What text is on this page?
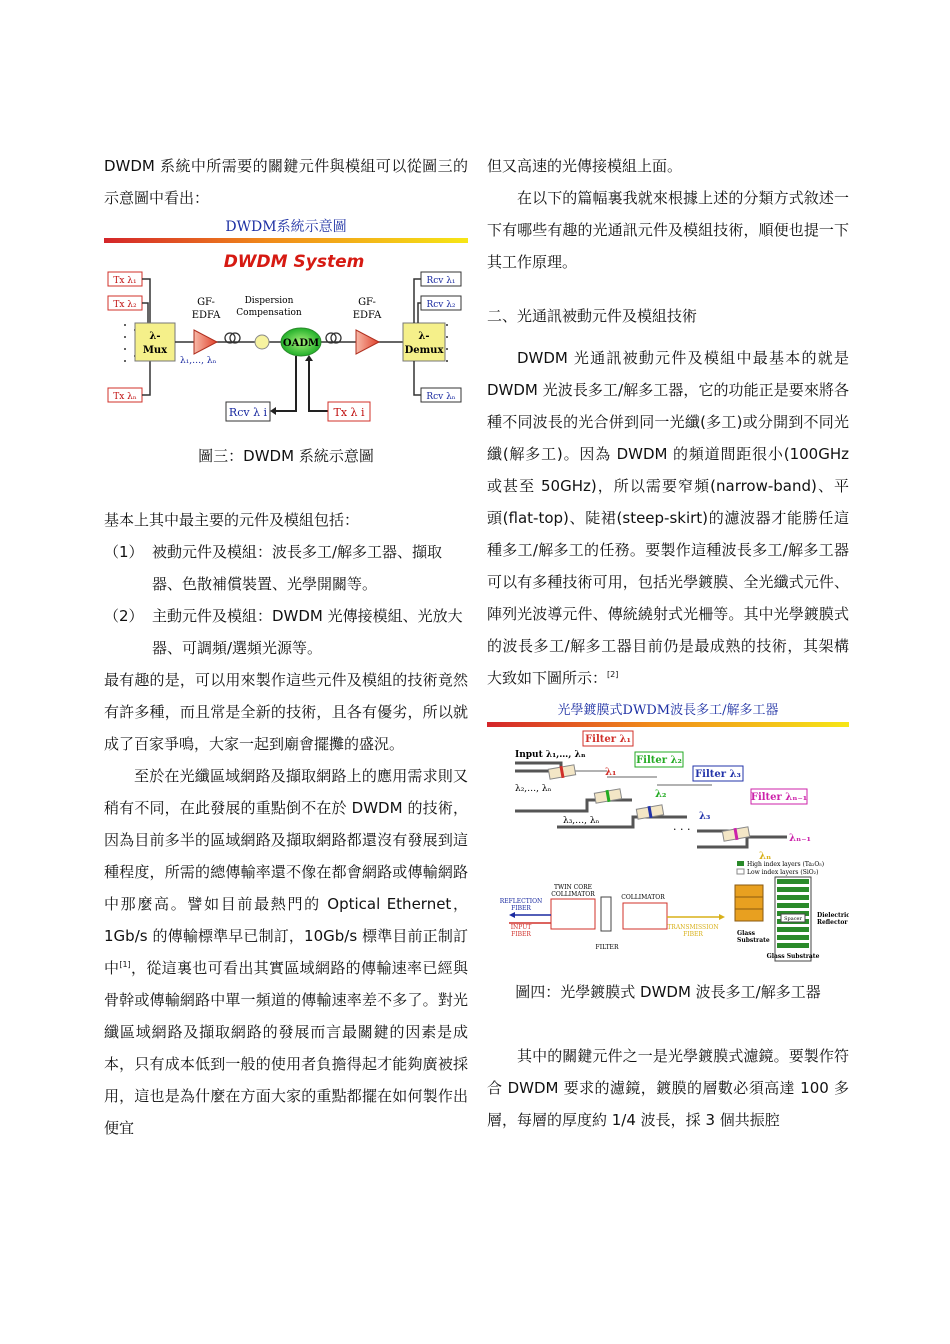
DWDM 系統中所需要的關鍵元件與模組可以從圖三的示意圖中看出：

DWDM系統示意圖
DWDM System
Tx λ₁
Tx λ₂
Tx λₙ
λ-
Mux
GF-
EDFA
λ₁,…, λₙ
Dispersion
Compensation
OADM
GF-
EDFA
λ-
Demux
Rcv λ₁
Rcv λ₂
Rcv λₙ
Rcv λ i	Tx λ i

圖三：DWDM 系統示意圖

基本上其中最主要的元件及模組包括：

（1） 被動元件及模組：波長多工/解多工器、擷取器、色散補償裝置、光學開關等。
（2） 主動元件及模組：DWDM 光傳接模組、光放大器、可調頻/選頻光源等。

最有趣的是，可以用來製作這些元件及模組的技術竟然有許多種，而且常是全新的技術，且各有優劣，所以就成了百家爭鳴，大家一起到廟會擺攤的盛況。

至於在光纖區域網路及擷取網路上的應用需求則又稍有不同，在此發展的重點倒不在於 DWDM 的技術，因為目前多半的區域網路及擷取網路都還沒有發展到這種程度，所需的總傳輸率還不像在都會網路或傳輸網路中那麼高。譬如目前最熱門的 Optical Ethernet，1Gb/s 的傳輸標準早已制訂，10Gb/s 標準目前正制訂中[1]，從這裏也可看出其實區域網路的傳輸速率已經與骨幹或傳輸網路中單一頻道的傳輸速率差不多了。對光纖區域網路及擷取網路的發展而言最關鍵的因素是成本，只有成本低到一般的使用者負擔得起才能夠廣被採用，這也是為什麼在方面大家的重點都擺在如何製作出便宜

但又高速的光傳接模組上面。

在以下的篇幅裏我就來根據上述的分類方式敘述一下有哪些有趣的光通訊元件及模組技術，順便也提一下其工作原理。

二、光通訊被動元件及模組技術

DWDM 光通訊被動元件及模組中最基本的就是 DWDM 光波長多工/解多工器，它的功能正是要來將各種不同波長的光合併到同一光纖(多工)或分開到不同光纖(解多工)。因為 DWDM 的頻道間距很小(100GHz 或甚至 50GHz)，所以需要窄頻(narrow-band)、平頭(flat-top)、陡裙(steep-skirt)的濾波器才能勝任這種多工/解多工的任務。要製作這種波長多工/解多工器可以有多種技術可用，包括光學鍍膜、全光纖式元件、陣列光波導元件、傳統繞射式光柵等。其中光學鍍膜式的波長多工/解多工器目前仍是最成熟的技術，其架構大致如下圖所示：[2]

光學鍍膜式DWDM波長多工/解多工器
Filter λ₁
Filter λ₂
Filter λ₃
Filter λₙ₋₁
Input λ₁,…, λₙ
λ₁
λ₂
λ₃
λₙ₋₁
λₙ
λ₂,…, λₙ
λ₃,…, λₙ
· · ·
High index layers (Ta₂O₅)
Low index layers (SiO₂)
TWIN CORE
COLLIMATOR	COLLIMATOR
FILTER
REFLECTION
FIBER
INPUT
FIBER
TRANSMISSION
FIBER	Glass
Substrate
Spacer
Glass Substrate
Dielectric
Reflector

圖四：光學鍍膜式 DWDM 波長多工/解多工器

其中的關鍵元件之一是光學鍍膜式濾鏡。要製作符合 DWDM 要求的濾鏡，鍍膜的層數必須高達 100 多層，每層的厚度約 1/4 波長，採 3 個共振腔
